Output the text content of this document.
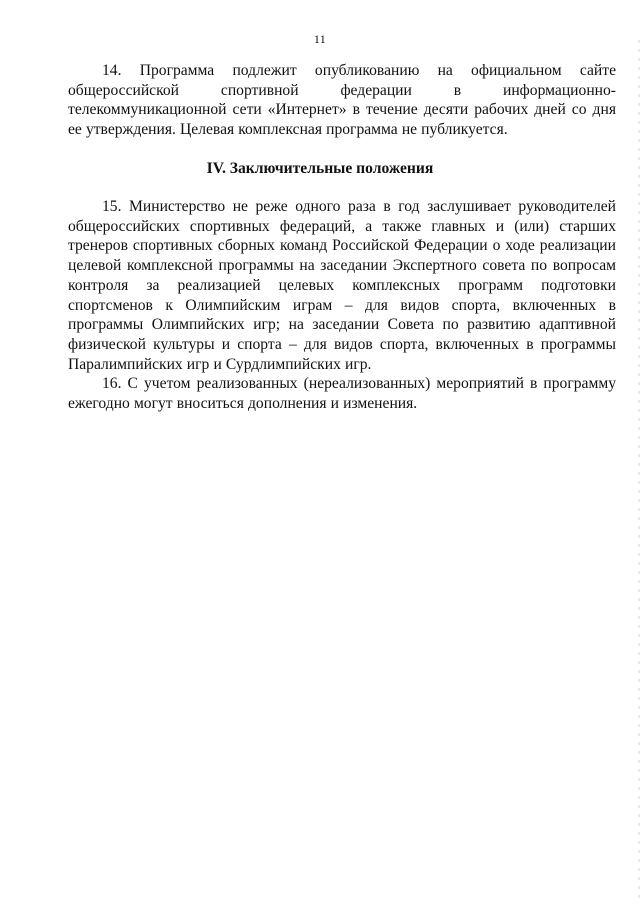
11

14. Программа подлежит опубликованию на официальном сайте общероссийской спортивной федерации в информационно-телекоммуникационной сети «Интернет» в течение десяти рабочих дней со дня ее утверждения. Целевая комплексная программа не публикуется.

IV. Заключительные положения

15. Министерство не реже одного раза в год заслушивает руководителей общероссийских спортивных федераций, а также главных и (или) старших тренеров спортивных сборных команд Российской Федерации о ходе реализации целевой комплексной программы на заседании Экспертного совета по вопросам контроля за реализацией целевых комплексных программ подготовки спортсменов к Олимпийским играм – для видов спорта, включенных в программы Олимпийских игр; на заседании Совета по развитию адаптивной физической культуры и спорта – для видов спорта, включенных в программы Паралимпийских игр и Сурдлимпийских игр.

16. С учетом реализованных (нереализованных) мероприятий в программу ежегодно могут вноситься дополнения и изменения.
